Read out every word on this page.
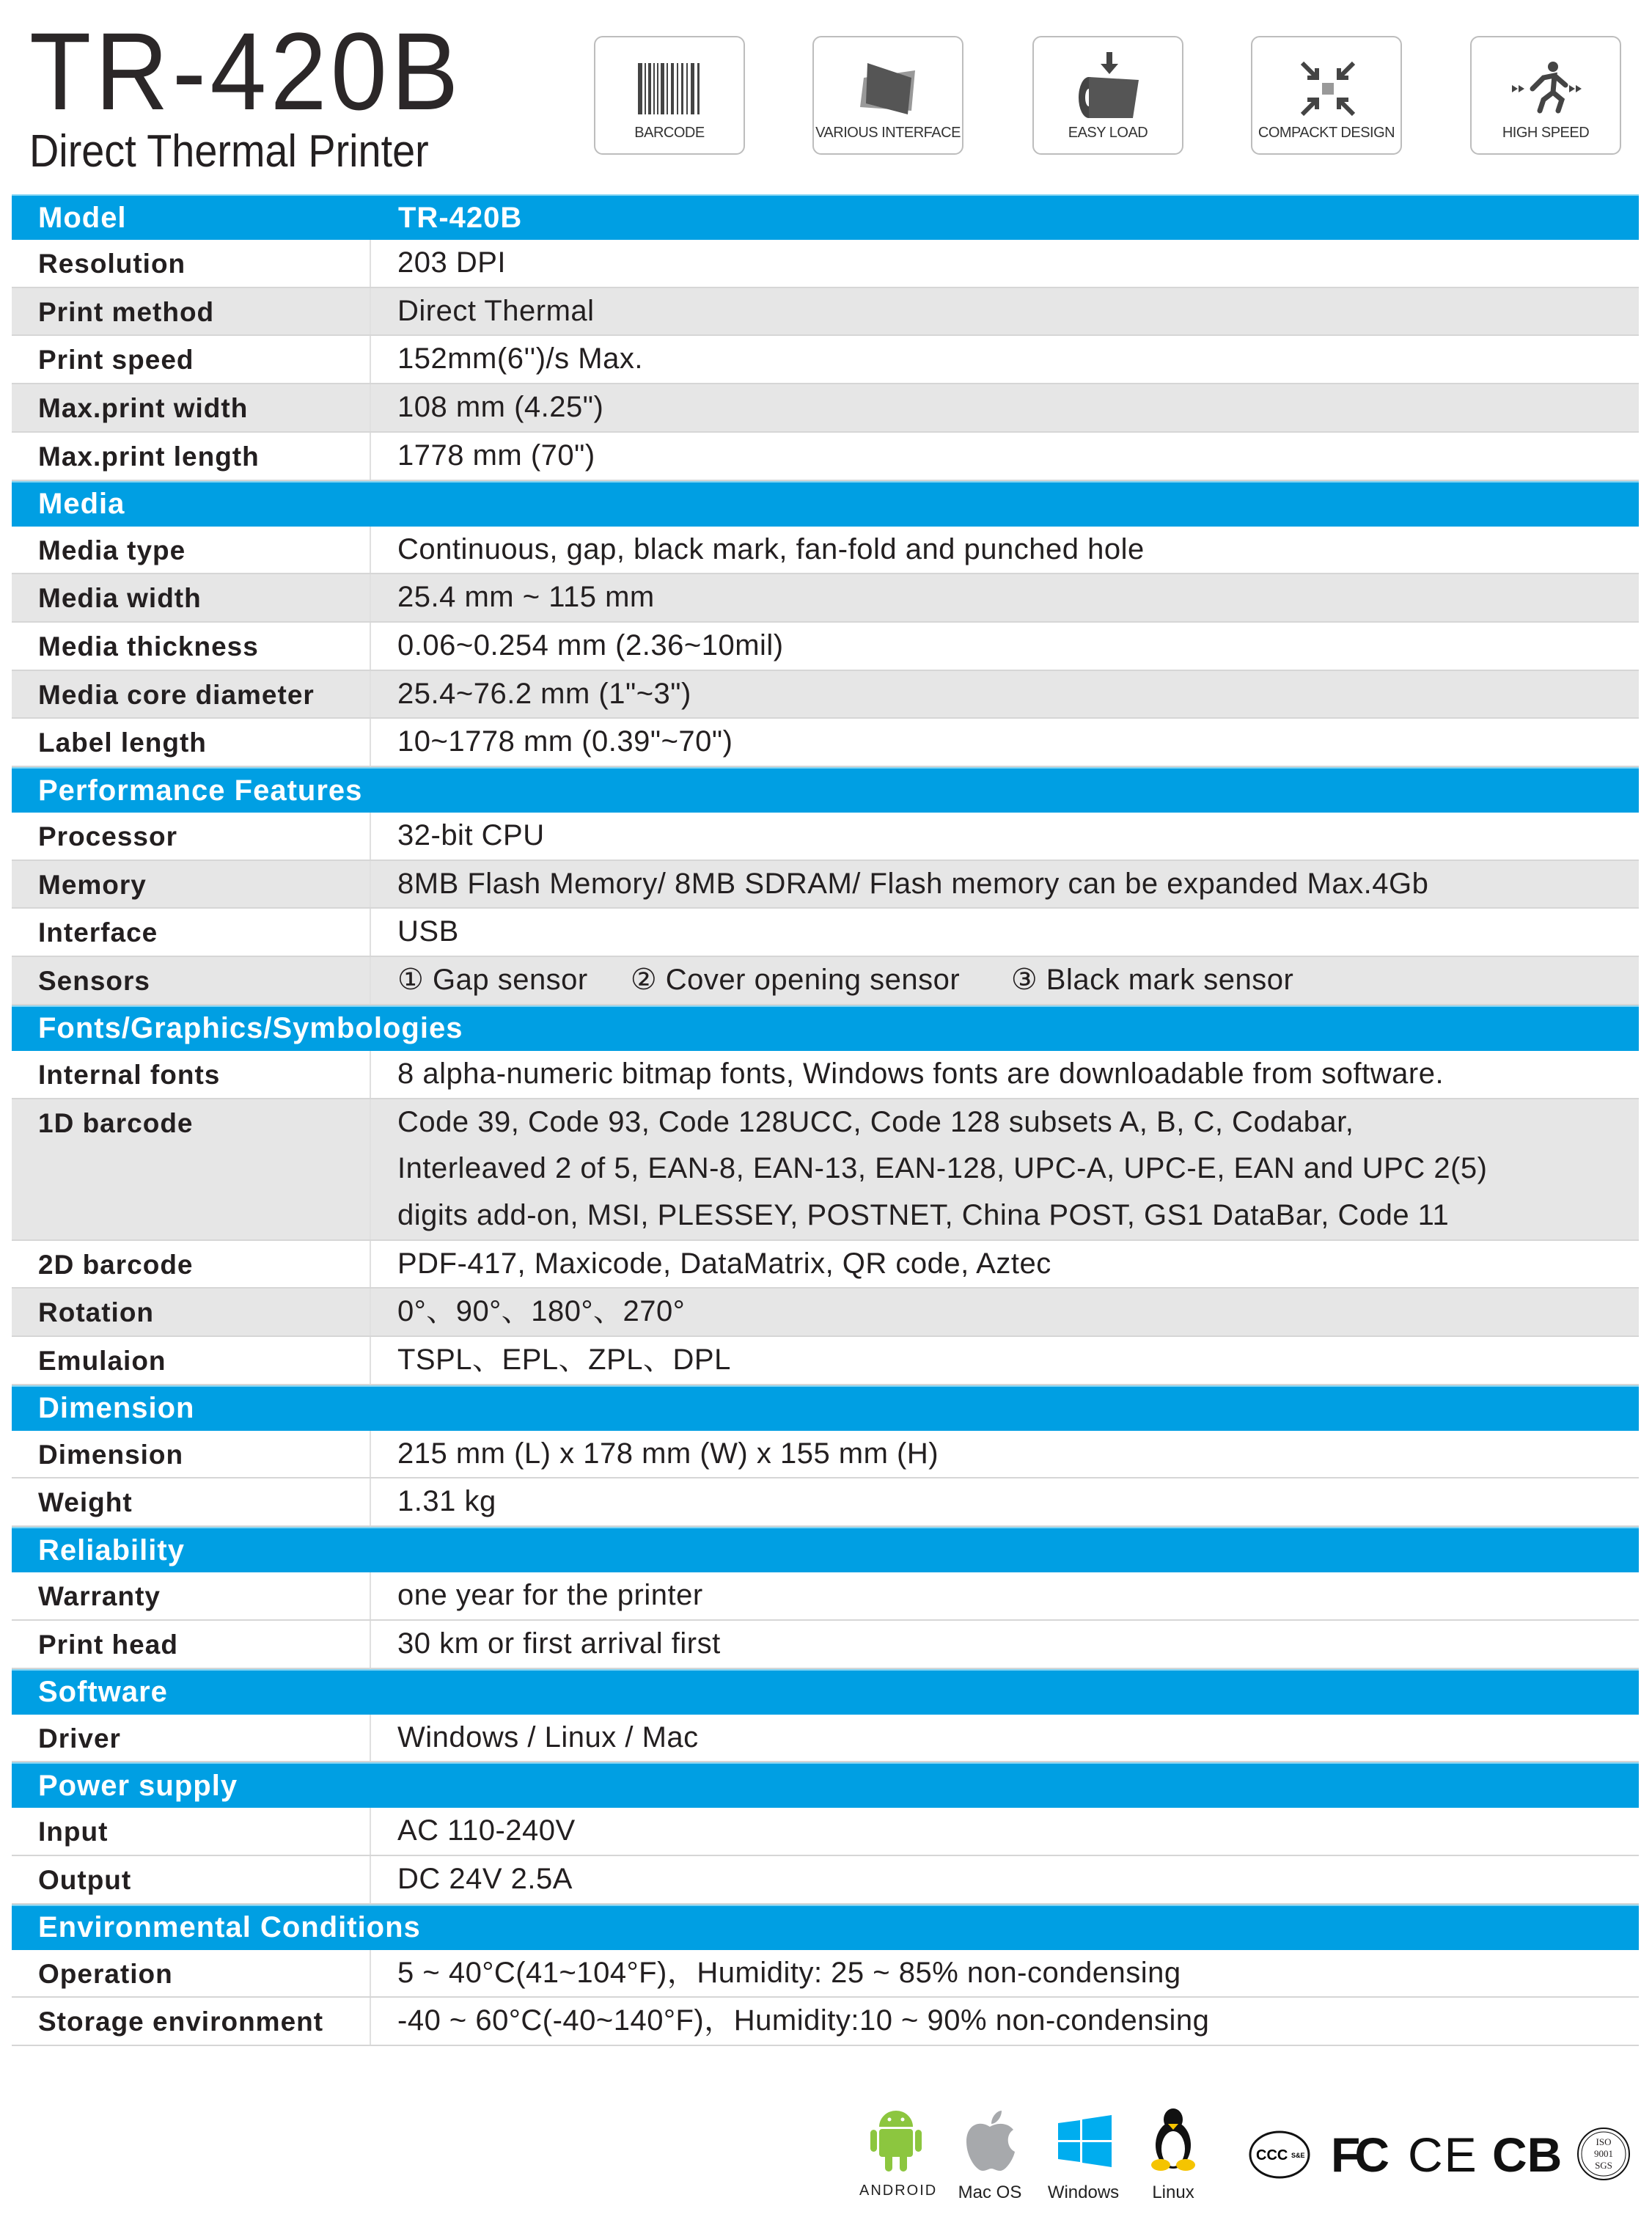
TR-420B
Direct Thermal Printer	BARCODE	VARIOUS INTERFACE	EASY LOAD	COMPACKT DESIGN	HIGH SPEED
Model	TR-420B
Resolution	203 DPI
Print method	Direct Thermal
Print speed	152mm(6'')/s Max.
Max.print width	108 mm (4.25")
Max.print length	1778 mm (70")
Media
Media type	Continuous, gap, black mark, fan-fold and punched hole
Media width	25.4 mm ~ 115 mm
Media thickness	0.06~0.254 mm (2.36~10mil)
Media core diameter	25.4~76.2 mm (1"~3")
Label length	10~1778 mm (0.39"~70")
Performance Features
Processor	32-bit CPU
Memory	8MB Flash Memory/ 8MB SDRAM/ Flash memory can be expanded Max.4Gb
Interface	USB
Sensors	① Gap sensor     ② Cover opening sensor      ③ Black mark sensor
Fonts/Graphics/Symbologies
Internal fonts	8 alpha-numeric bitmap fonts, Windows fonts are downloadable from software.
1D barcode	Code 39, Code 93, Code 128UCC, Code 128 subsets A, B, C, Codabar,
Interleaved 2 of 5, EAN-8, EAN-13, EAN-128, UPC-A, UPC-E, EAN and UPC 2(5)
digits add-on, MSI, PLESSEY, POSTNET, China POST, GS1 DataBar, Code 11
2D barcode	PDF-417, Maxicode, DataMatrix, QR code, Aztec
Rotation	0°、90°、180°、270°
Emulaion	TSPL、EPL、ZPL、DPL
Dimension
Dimension	215 mm (L) x 178 mm (W) x 155 mm (H)
Weight	1.31 kg
Reliability
Warranty	one year for the printer
Print head	30 km or first arrival first
Software
Driver	Windows / Linux / Mac
Power supply
Input	AC 110-240V
Output	DC 24V 2.5A
Environmental Conditions
Operation	5 ~ 40°C(41~104°F)，Humidity: 25 ~ 85% non-condensing
Storage environment	-40 ~ 60°C(-40~140°F)，Humidity:10 ~ 90% non-condensing
ANDROID Mac OS Windows	Linux
CCC S&E FC CE CB	ISO 9001 SGS
